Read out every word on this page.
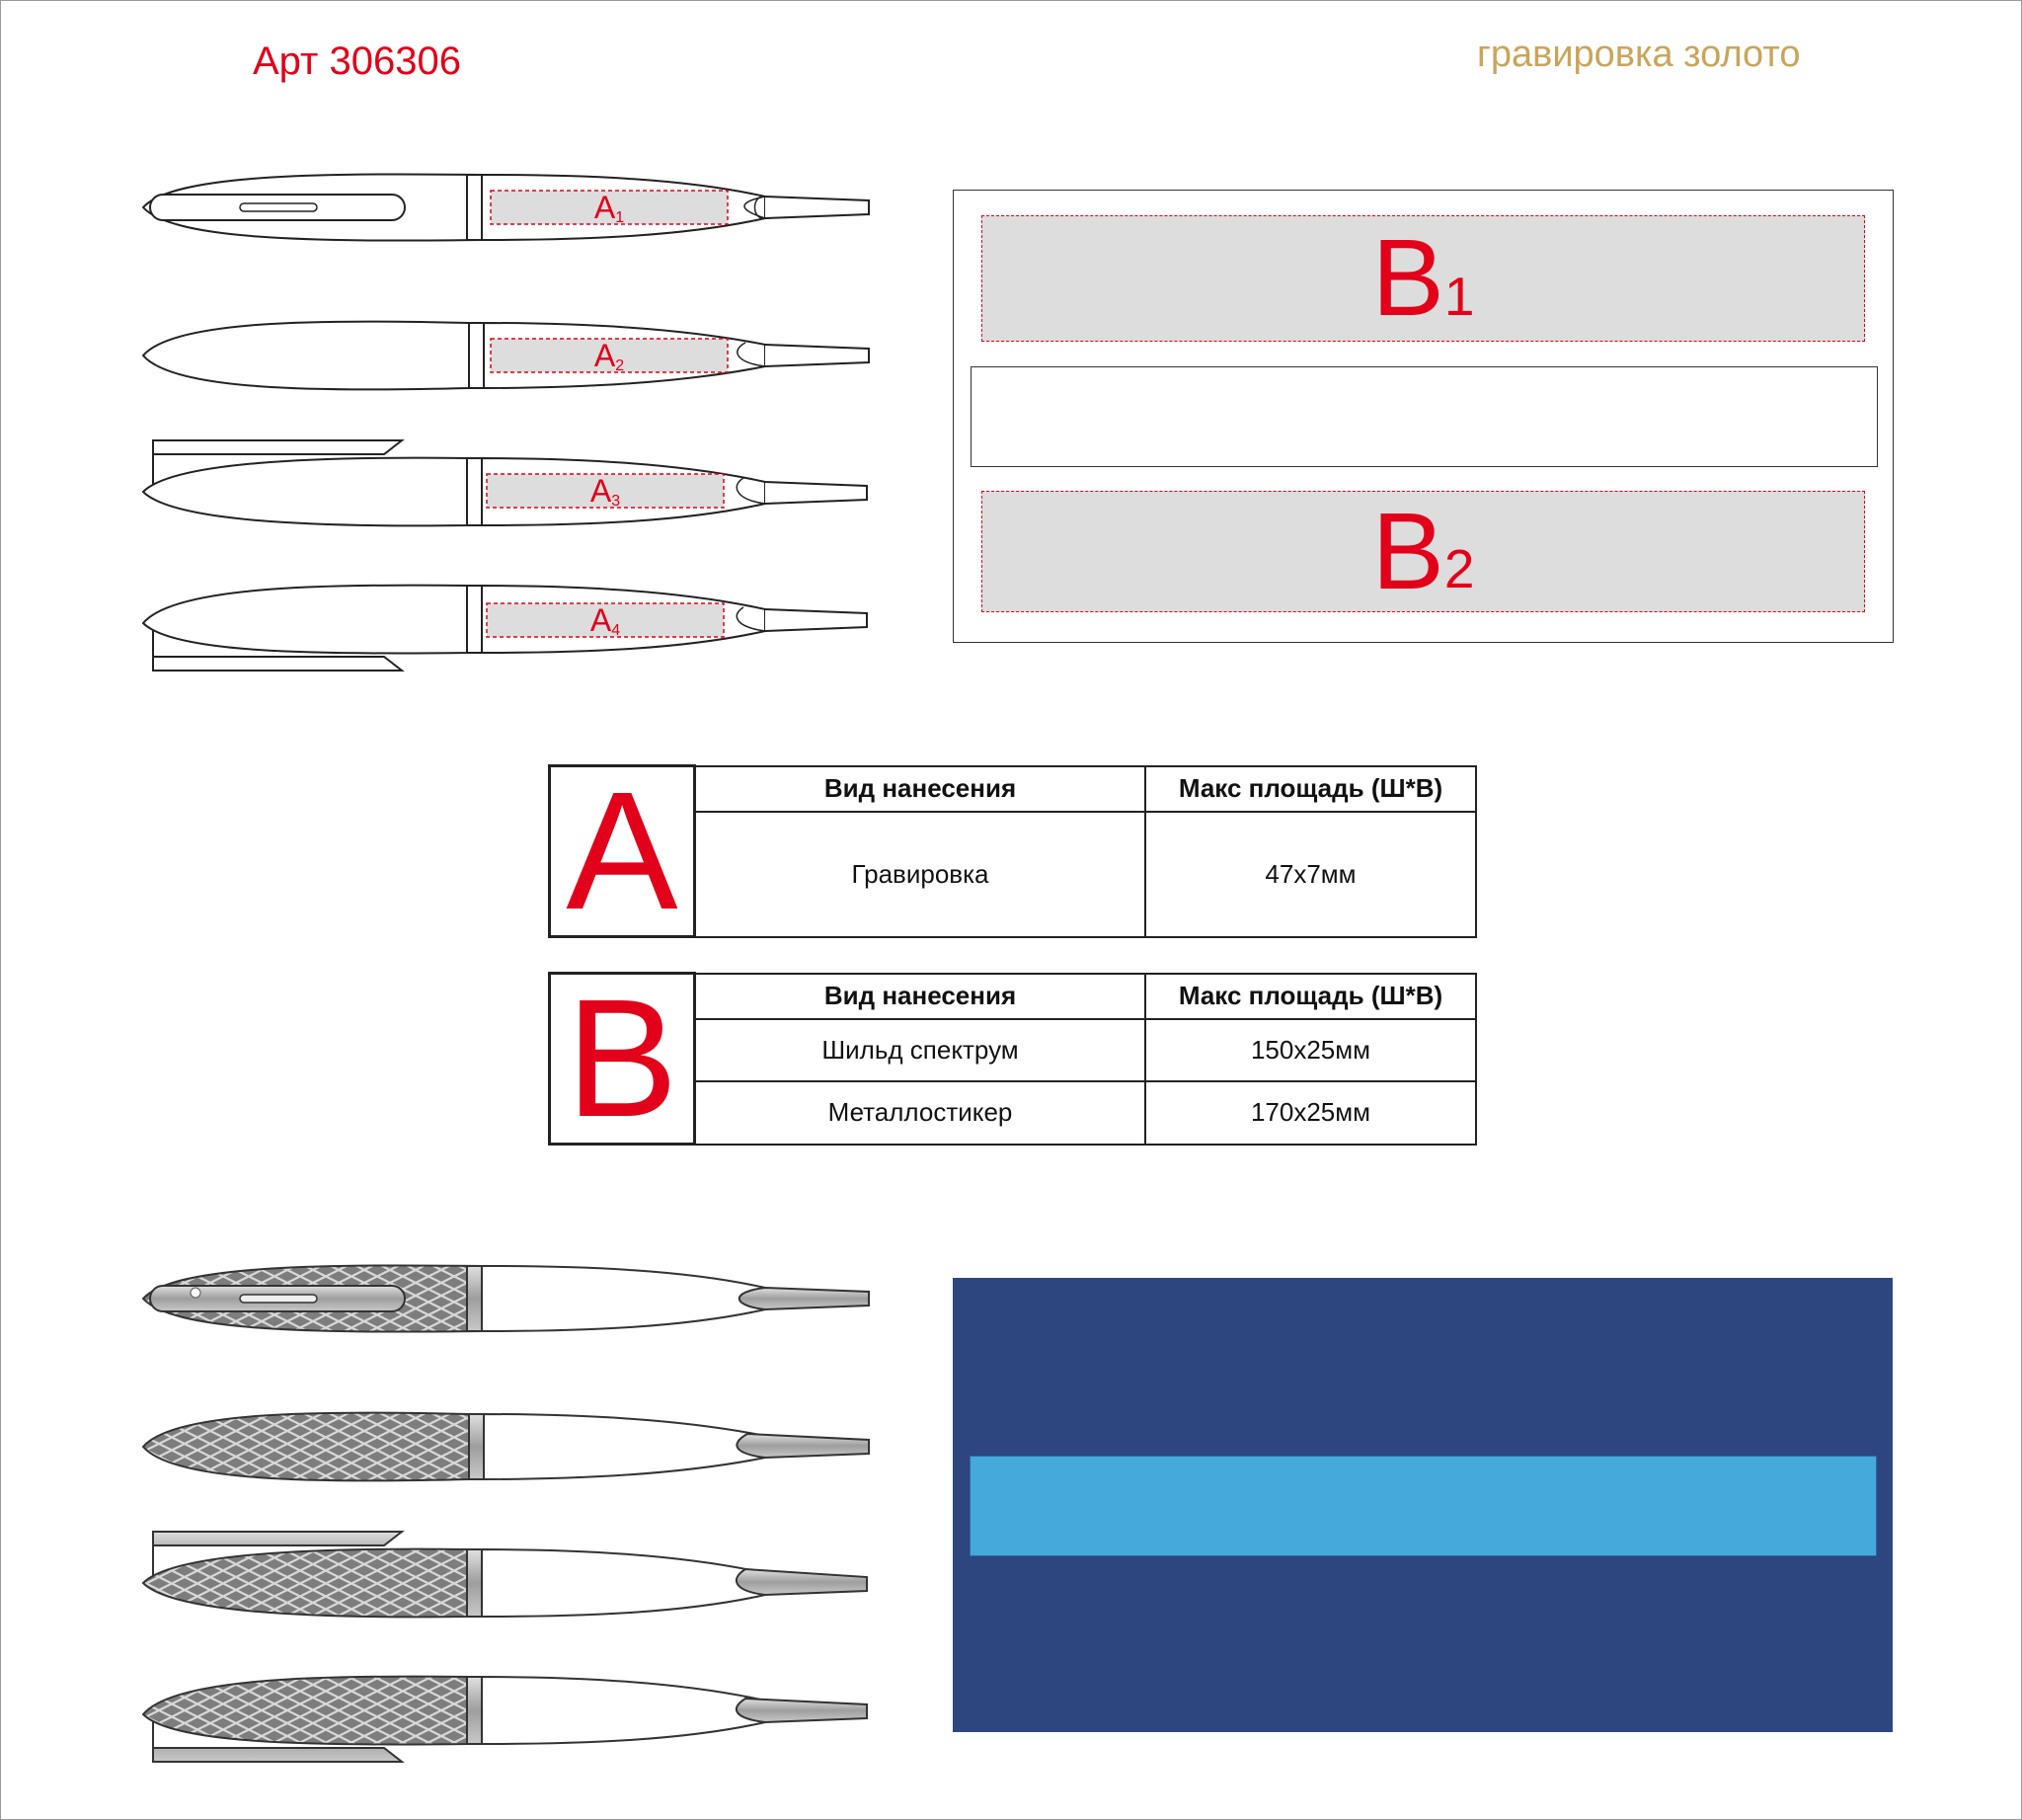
Арт 306306	гравировка золото
A1
A2
A3
A4
$B_1$
$B_2$
A	Вид нанесения	Макс площадь (Ш*В)
	Гравировка	47x7мм
B	Вид нанесения	Макс площадь (Ш*В)
	Шильд спектрум	150x25мм
	Металлостикер	170x25мм
